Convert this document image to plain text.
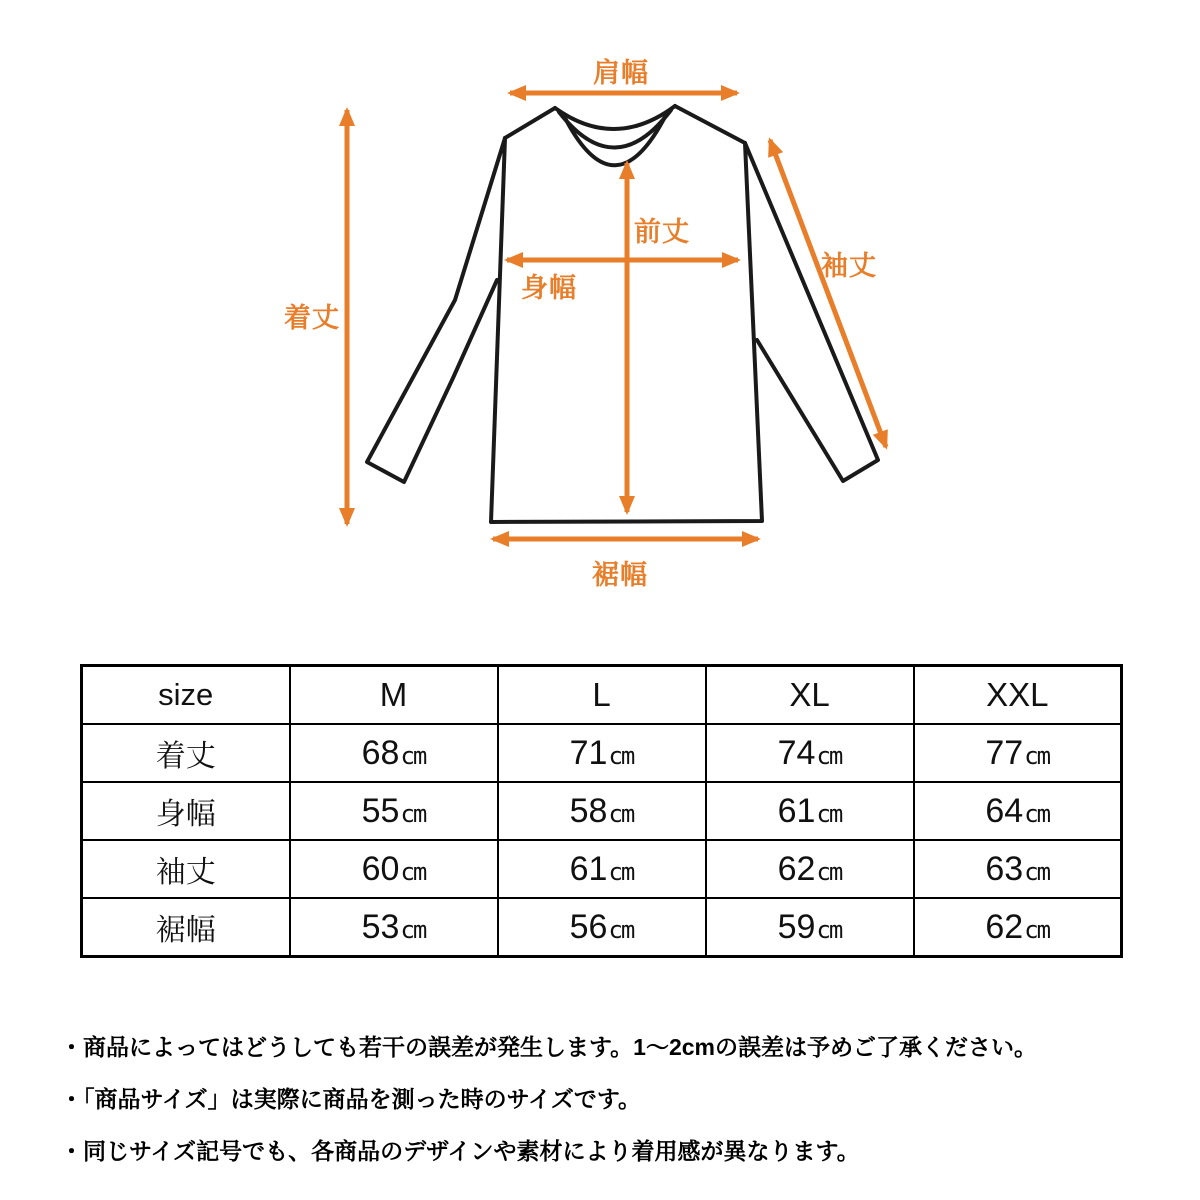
肩幅
着丈
前丈
身幅
袖丈
裾幅
size	M	L	XL	XXL
着丈	68cm	71cm	74cm	77cm
身幅	55cm	58cm	61cm	64cm
袖丈	60cm	61cm	62cm	63cm
裾幅	53cm	56cm	59cm	62cm

・商品によってはどうしても若干の誤差が発生します。1～2cmの誤差は予めご了承ください。

・「商品サイズ」は実際に商品を測った時のサイズです。

・同じサイズ記号でも、各商品のデザインや素材により着用感が異なります。
